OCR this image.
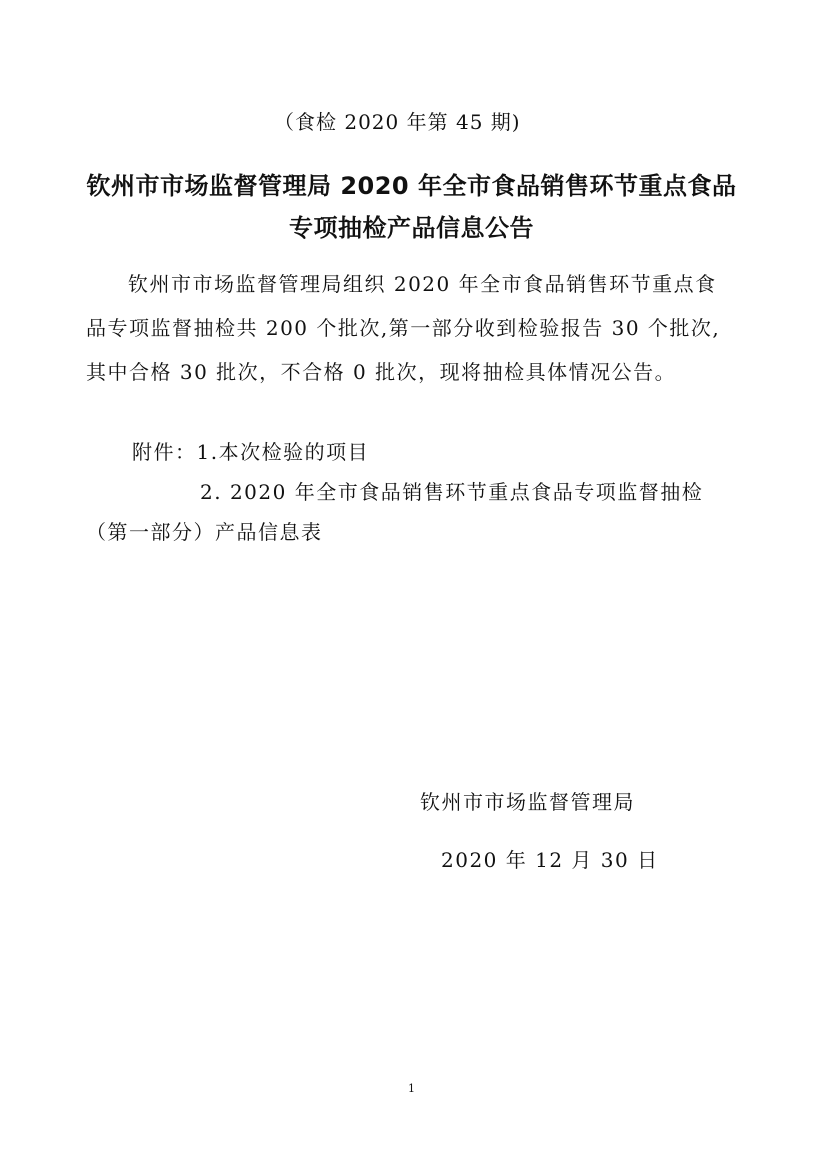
（食检 2020 年第 45 期)
钦州市市场监督管理局 2020 年全市食品销售环节重点食品
专项抽检产品信息公告
钦州市市场监督管理局组织 2020 年全市食品销售环节重点食
品专项监督抽检共 200 个批次,第一部分收到检验报告 30 个批次,
其中合格 30 批次，不合格 0 批次，现将抽检具体情况公告。
附件：1.本次检验的项目
2. 2020 年全市食品销售环节重点食品专项监督抽检
（第一部分）产品信息表
钦州市市场监督管理局
2020 年 12 月 30 日
1
